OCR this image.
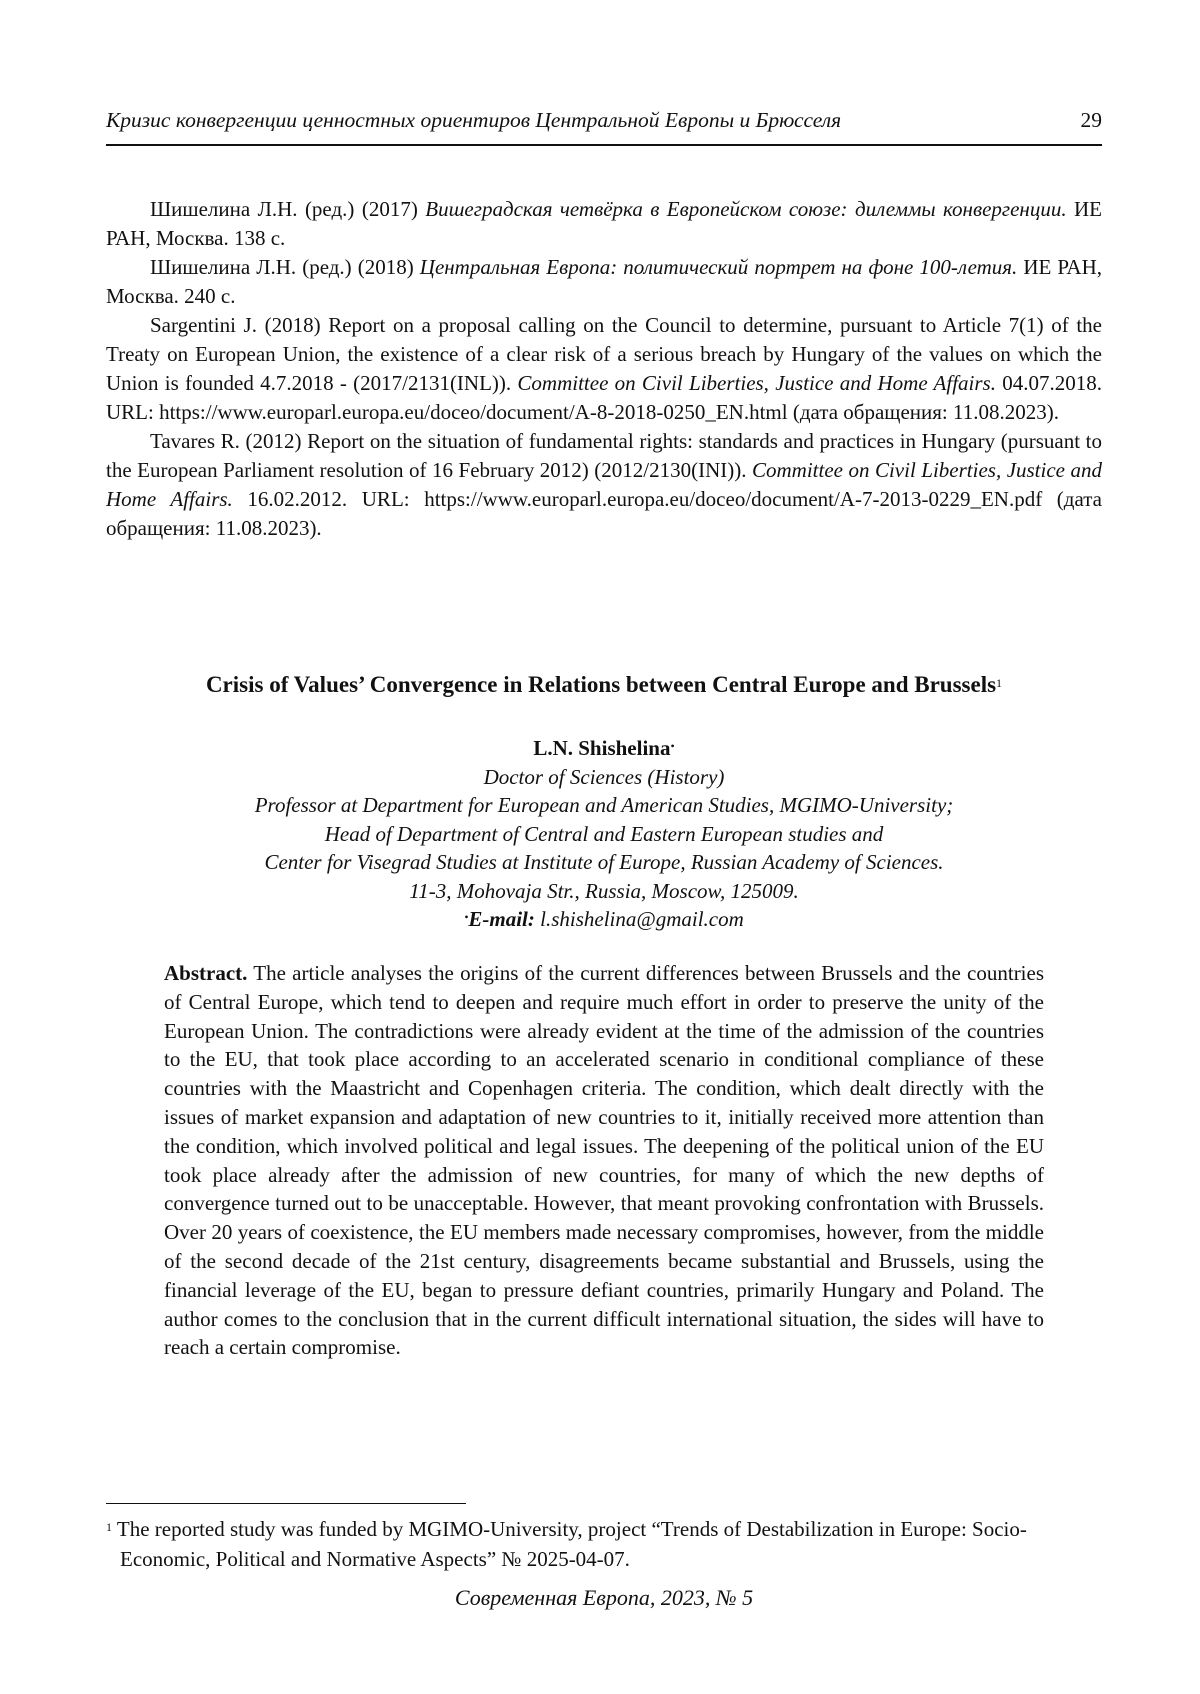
Кризис конвергенции ценностных ориентиров Центральной Европы и Брюсселя	29

Шишелина Л.Н. (ред.) (2017) Вишеградская четвёрка в Европейском союзе: дилеммы конвергенции. ИЕ РАН, Москва. 138 с.

Шишелина Л.Н. (ред.) (2018) Центральная Европа: политический портрет на фоне 100-летия. ИЕ РАН, Москва. 240 с.

Sargentini J. (2018) Report on a proposal calling on the Council to determine, pursuant to Article 7(1) of the Treaty on European Union, the existence of a clear risk of a serious breach by Hungary of the values on which the Union is founded 4.7.2018 - (2017/2131(INL)). Committee on Civil Liberties, Justice and Home Affairs. 04.07.2018. URL: https://www.europarl.europa.eu/doceo/document/A-8-2018-0250_EN.html (дата обращения: 11.08.2023).

Tavares R. (2012) Report on the situation of fundamental rights: standards and practices in Hungary (pursuant to the European Parliament resolution of 16 February 2012) (2012/2130(INI)). Committee on Civil Liberties, Justice and Home Affairs. 16.02.2012. URL: https://www.europarl.europa.eu/doceo/document/A-7-2013-0229_EN.pdf (дата обращения: 11.08.2023).

Crisis of Values’ Convergence in Relations between Central Europe and Brussels$^1$
L.N. Shishelina•
Doctor of Sciences (History)
Professor at Department for European and American Studies, MGIMO-University;
Head of Department of Central and Eastern European studies and
Center for Visegrad Studies at Institute of Europe, Russian Academy of Sciences.
11-3, Mohovaja Str., Russia, Moscow, 125009.
•E-mail: l.shishelina@gmail.com

Abstract. The article analyses the origins of the current differences between Brussels and the countries of Central Europe, which tend to deepen and require much effort in order to preserve the unity of the European Union. The contradictions were already evident at the time of the admission of the countries to the EU, that took place according to an accelerated scenario in conditional compliance of these countries with the Maastricht and Copenhagen criteria. The condition, which dealt directly with the issues of market expansion and adaptation of new countries to it, initially received more attention than the condition, which involved political and legal issues. The deepening of the political union of the EU took place already after the admission of new countries, for many of which the new depths of convergence turned out to be unacceptable. However, that meant provoking confrontation with Brussels. Over 20 years of coexistence, the EU members made necessary compromises, however, from the middle of the second decade of the 21st century, disagreements became substantial and Brussels, using the financial leverage of the EU, began to pressure defiant countries, primarily Hungary and Poland. The author comes to the conclusion that in the current difficult international situation, the sides will have to reach a certain compromise.

$^1$ The reported study was funded by MGIMO-University, project “Trends of Destabilization in Europe: Socio-Economic, Political and Normative Aspects” № 2025-04-07.

Современная Европа, 2023, № 5
